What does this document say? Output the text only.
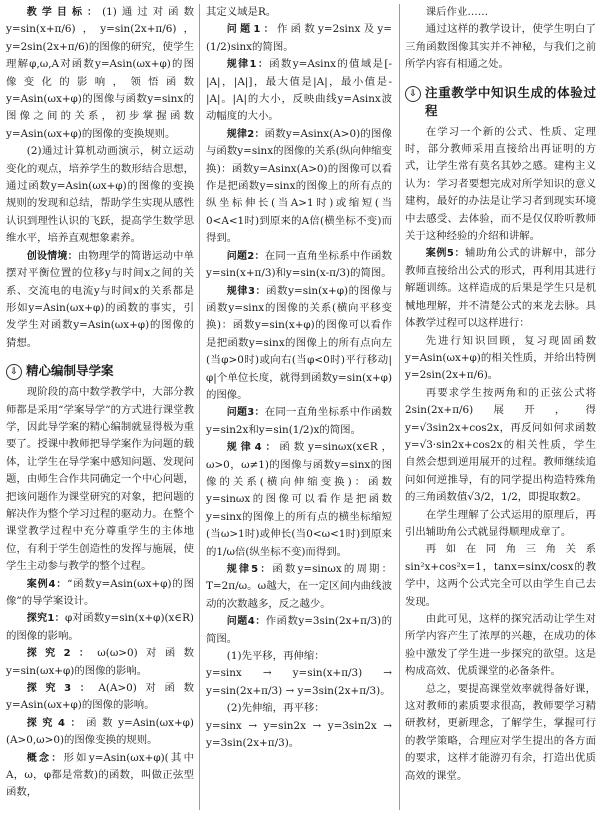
教学目标：(1)通过对函数y=sin(x+π/6)，y=sin(2x+π/6)，y=2sin(2x+π/6)的图像的研究，使学生理解φ,ω,A对函数y=Asin(ωx+φ)的图像变化的影响，领悟函数y=Asin(ωx+φ)的图像与函数y=sinx的图像之间的关系，初步掌握函数y=Asin(ωx+φ)的图像的变换规则。

(2)通过计算机动画演示，树立运动变化的观点，培养学生的数形结合思想，通过函数y=Asin(ωx+φ)的图像的变换规则的发现和总结，帮助学生实现从感性认识到理性认识的飞跃，提高学生数学思维水平，培养直观想象素养。

创设情境：由物理学的简谐运动中单摆对平衡位置的位移y与时间x之间的关系、交流电的电流y与时间x的关系都是形如y=Asin(ωx+φ)的函数的事实，引发学生对函数y=Asin(ωx+φ)的图像的猜想。

⇩ 精心编制导学案

现阶段的高中数学教学中，大部分教师都是采用“学案导学”的方式进行课堂教学，因此导学案的精心编制就显得极为重要了。授课中教师把导学案作为问题的载体，让学生在导学案中感知问题、发现问题，由师生合作共同确定一个中心问题，把该问题作为课堂研究的对象，把问题的解决作为整个学习过程的驱动力。在整个课堂教学过程中充分尊重学生的主体地位，有利于学生创造性的发挥与施展，使学生主动参与教学的整个过程。

案例4：“函数y=Asin(ωx+φ)的图像”的导学案设计。

探究1：φ对函数y=sin(x+φ)(x∈R)的图像的影响。

探究2：ω(ω>0)对函数y=sin(ωx+φ)的图像的影响。

探究3：A(A>0)对函数y=Asin(ωx+φ)的图像的影响。

探究4：函数y=Asin(ωx+φ)(A>0,ω>0)的图像变换的规则。

概念：形如y=Asin(ωx+φ)(其中A，ω，φ都是常数)的函数，叫做正弦型函数，

其定义域是R。

问题1：作函数y=2sinx及y=(1/2)sinx的简图。

规律1：函数y=Asinx的值域是[-|A|，|A|]，最大值是|A|，最小值是-|A|。|A|的大小，反映曲线y=Asinx波动幅度的大小。

规律2：函数y=Asinx(A>0)的图像与函数y=sinx的图像的关系(纵向伸缩变换)：函数y=Asinx(A>0)的图像可以看作是把函数y=sinx的图像上的所有点的纵坐标伸长(当A>1时)或缩短(当0<A<1时)到原来的A倍(横坐标不变)而得到。

问题2：在同一直角坐标系中作函数y=sin(x+π/3)和y=sin(x-π/3)的简图。

规律3：函数y=sin(x+φ)的图像与函数y=sinx的图像的关系(横向平移变换)：函数y=sin(x+φ)的图像可以看作是把函数y=sinx的图像上的所有点向左(当φ>0时)或向右(当φ<0时)平行移动|φ|个单位长度，就得到函数y=sin(x+φ)的图像。

问题3：在同一直角坐标系中作函数y=sin2x和y=sin(1/2)x的简图。

规律4：函数y=sinωx(x∈R，ω>0，ω≠1)的图像与函数y=sinx的图像的关系(横向伸缩变换)：函数y=sinωx的图像可以看作是把函数y=sinx的图像上的所有点的横坐标缩短(当ω>1时)或伸长(当0<ω<1时)到原来的1/ω倍(纵坐标不变)而得到。

规律5：函数y=sinωx的周期：T=2π/ω。ω越大，在一定区间内曲线波动的次数越多，反之越少。

问题4：作函数y=3sin(2x+π/3)的简图。

(1)先平移，再伸缩：

y=sinx → y=sin(x+π/3) → y=sin(2x+π/3) → y=3sin(2x+π/3)。

(2)先伸缩，再平移：

y=sinx → y=sin2x → y=3sin2x → y=3sin(2x+π/3)。

课后作业……

通过这样的教学设计，使学生明白了三角函数图像其实并不神秘，与我们之前所学内容有相通之处。

⇩ 注重教学中知识生成的体验过程

在学习一个新的公式、性质、定理时，部分教师采用直接给出再证明的方式，让学生常有莫名其妙之感。建构主义认为：学习者要想完成对所学知识的意义建构，最好的办法是让学习者到现实环境中去感受、去体验，而不是仅仅聆听教师关于这种经验的介绍和讲解。

案例5：辅助角公式的讲解中，部分教师直接给出公式的形式，再利用其进行解题训练。这样造成的后果是学生只是机械地理解，并不清楚公式的来龙去脉。具体教学过程可以这样进行：

先进行知识回顾，复习现固函数y=Asin(ωx+φ)的相关性质，并给出特例y=2sin(2x+π/6)。

再要求学生按两角和的正弦公式将2sin(2x+π/6)展开，得y=√3sin2x+cos2x，再反问如何求函数y=√3·sin2x+cos2x的相关性质，学生自然会想到逆用展开的过程。教师继续追问如何逆推导，有的同学提出构造特殊角的三角函数值√3/2，1/2，即提取数2。

在学生理解了公式运用的原理后，再引出辅助角公式就显得顺理成章了。

再如在同角三角关系sin²x+cos²x=1，tanx=sinx/cosx的教学中，这两个公式完全可以由学生自己去发现。

由此可见，这样的探究活动让学生对所学内容产生了浓厚的兴趣，在成功的体验中激发了学生进一步探究的欲望。这是构成高效、优质课堂的必备条件。

总之，要提高课堂效率就得备好课，这对教师的素质要求很高，教师要学习精研教材，更新理念，了解学生，掌握可行的教学策略，合理应对学生提出的各方面的要求，这样才能游刃有余，打造出优质高效的课堂。
